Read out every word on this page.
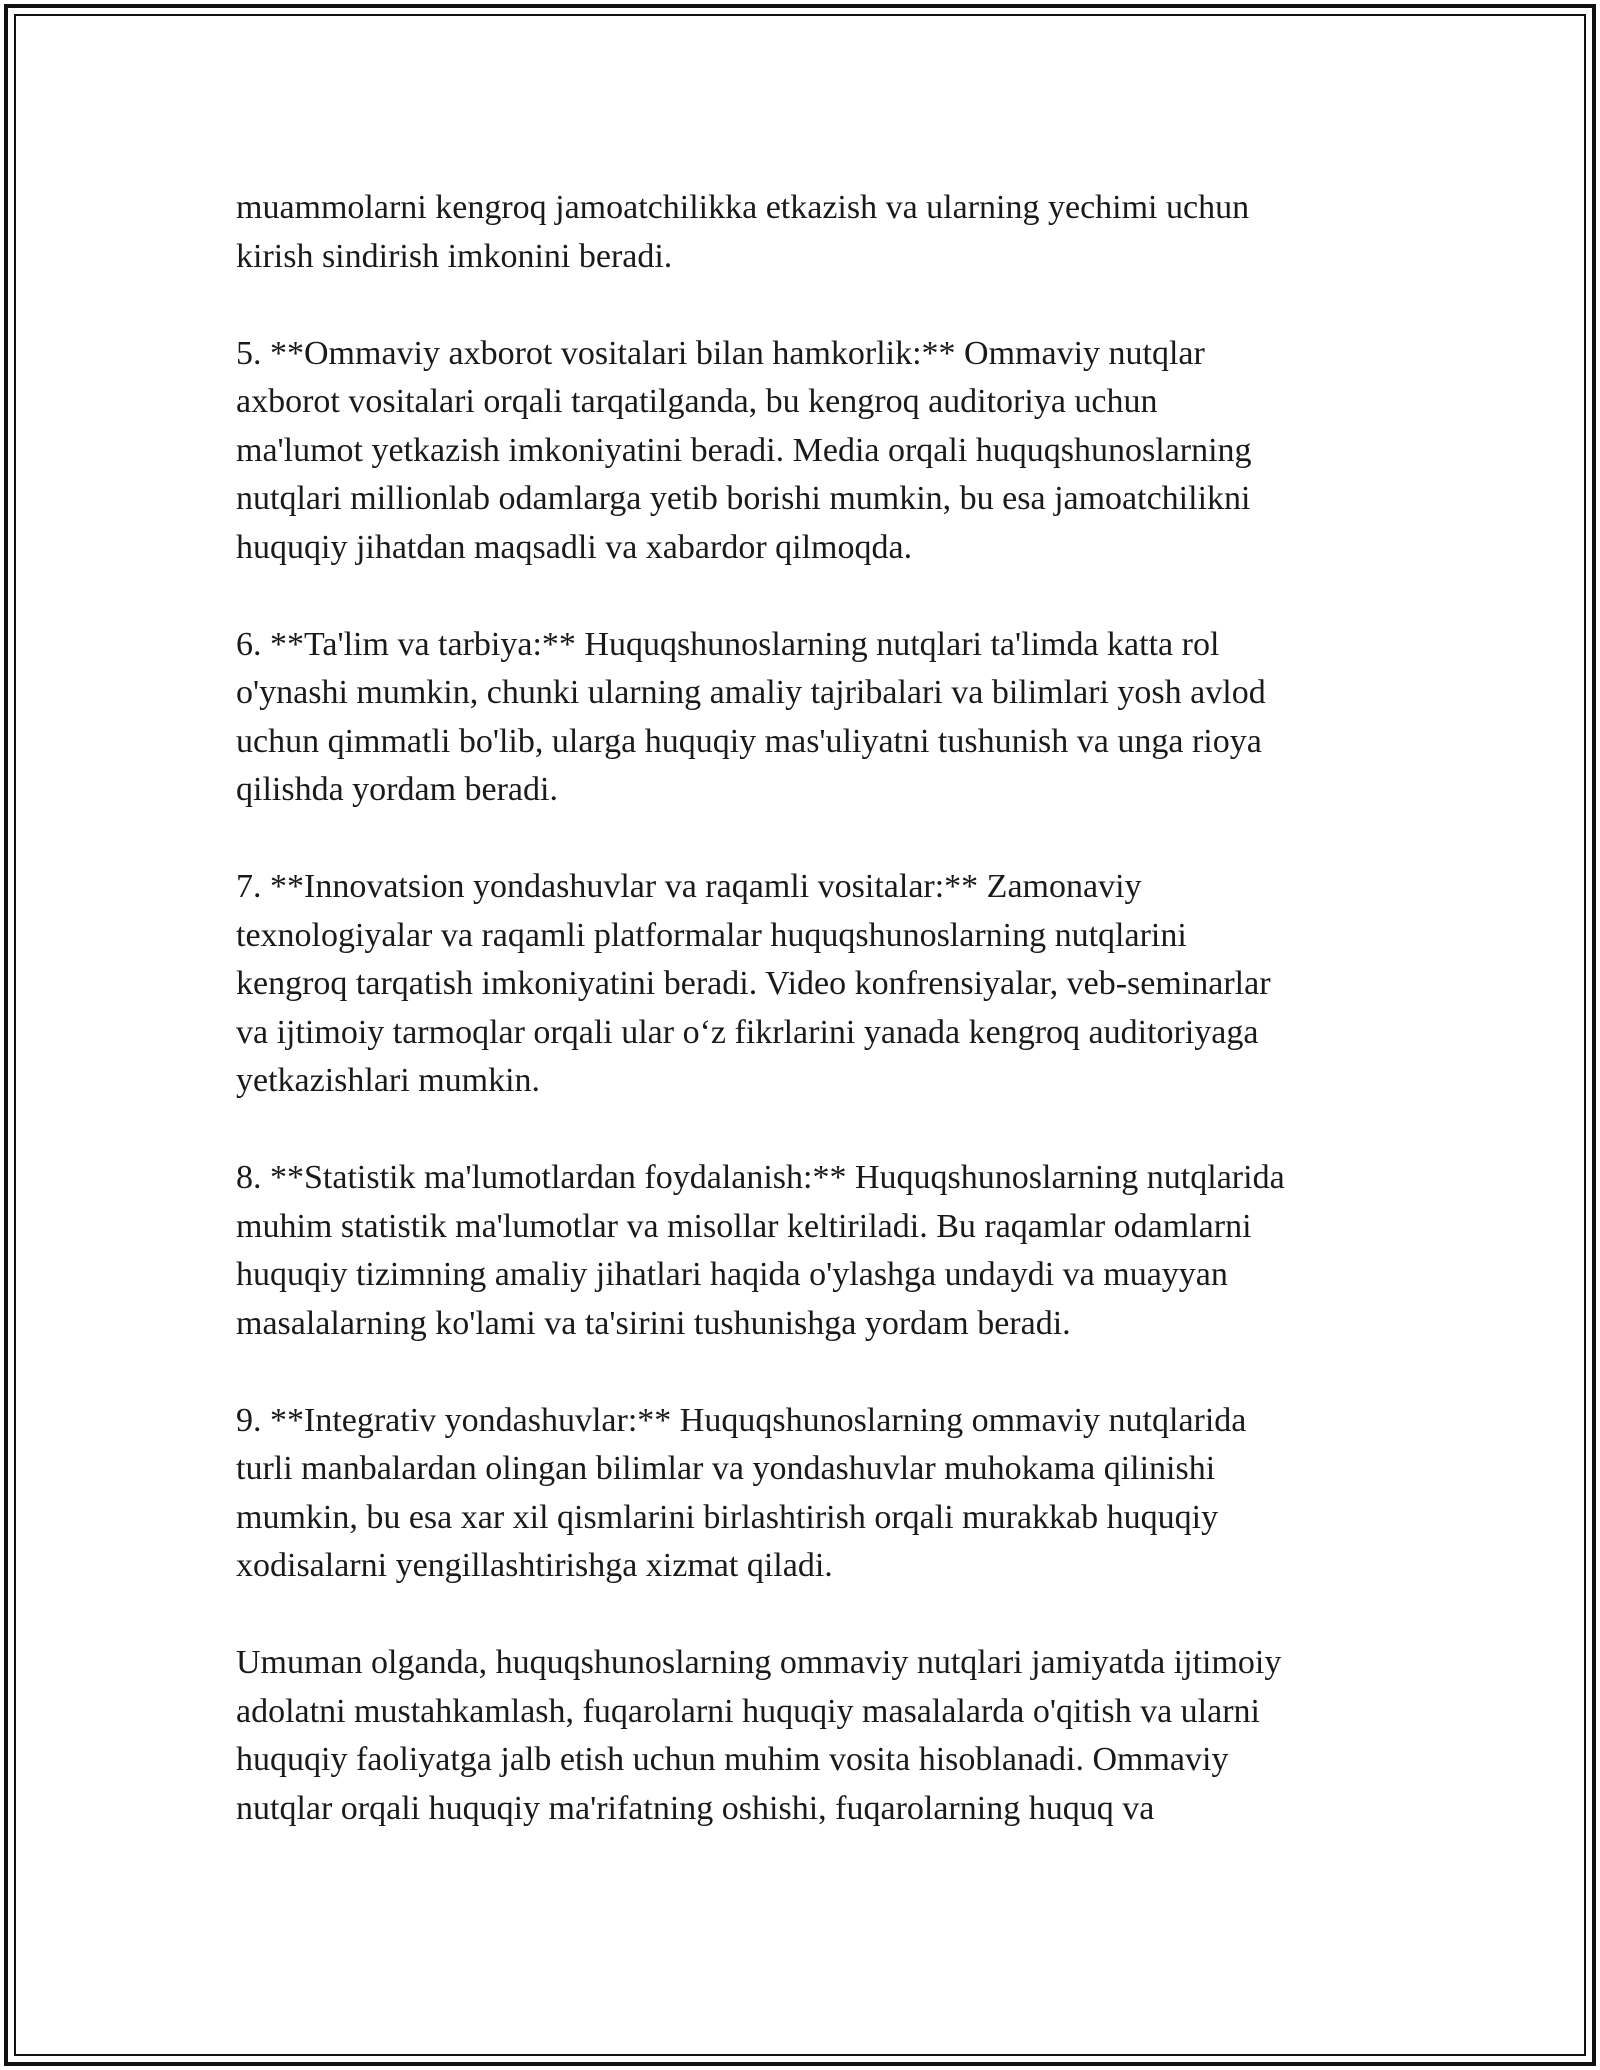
muammolarni kengroq jamoatchilikka etkazish va ularning yechimi uchun
kirish sindirish imkonini beradi.

5. **Ommaviy axborot vositalari bilan hamkorlik:** Ommaviy nutqlar
axborot vositalari orqali tarqatilganda, bu kengroq auditoriya uchun
ma'lumot yetkazish imkoniyatini beradi. Media orqali huquqshunoslarning
nutqlari millionlab odamlarga yetib borishi mumkin, bu esa jamoatchilikni
huquqiy jihatdan maqsadli va xabardor qilmoqda.

6. **Ta'lim va tarbiya:** Huquqshunoslarning nutqlari ta'limda katta rol
o'ynashi mumkin, chunki ularning amaliy tajribalari va bilimlari yosh avlod
uchun qimmatli bo'lib, ularga huquqiy mas'uliyatni tushunish va unga rioya
qilishda yordam beradi.

7. **Innovatsion yondashuvlar va raqamli vositalar:** Zamonaviy
texnologiyalar va raqamli platformalar huquqshunoslarning nutqlarini
kengroq tarqatish imkoniyatini beradi. Video konfrensiyalar, veb-seminarlar
va ijtimoiy tarmoqlar orqali ular o‘z fikrlarini yanada kengroq auditoriyaga
yetkazishlari mumkin.

8. **Statistik ma'lumotlardan foydalanish:** Huquqshunoslarning nutqlarida
muhim statistik ma'lumotlar va misollar keltiriladi. Bu raqamlar odamlarni
huquqiy tizimning amaliy jihatlari haqida o'ylashga undaydi va muayyan
masalalarning ko'lami va ta'sirini tushunishga yordam beradi.

9. **Integrativ yondashuvlar:** Huquqshunoslarning ommaviy nutqlarida
turli manbalardan olingan bilimlar va yondashuvlar muhokama qilinishi
mumkin, bu esa xar xil qismlarini birlashtirish orqali murakkab huquqiy
xodisalarni yengillashtirishga xizmat qiladi.

Umuman olganda, huquqshunoslarning ommaviy nutqlari jamiyatda ijtimoiy
adolatni mustahkamlash, fuqarolarni huquqiy masalalarda o'qitish va ularni
huquqiy faoliyatga jalb etish uchun muhim vosita hisoblanadi. Ommaviy
nutqlar orqali huquqiy ma'rifatning oshishi, fuqarolarning huquq va
